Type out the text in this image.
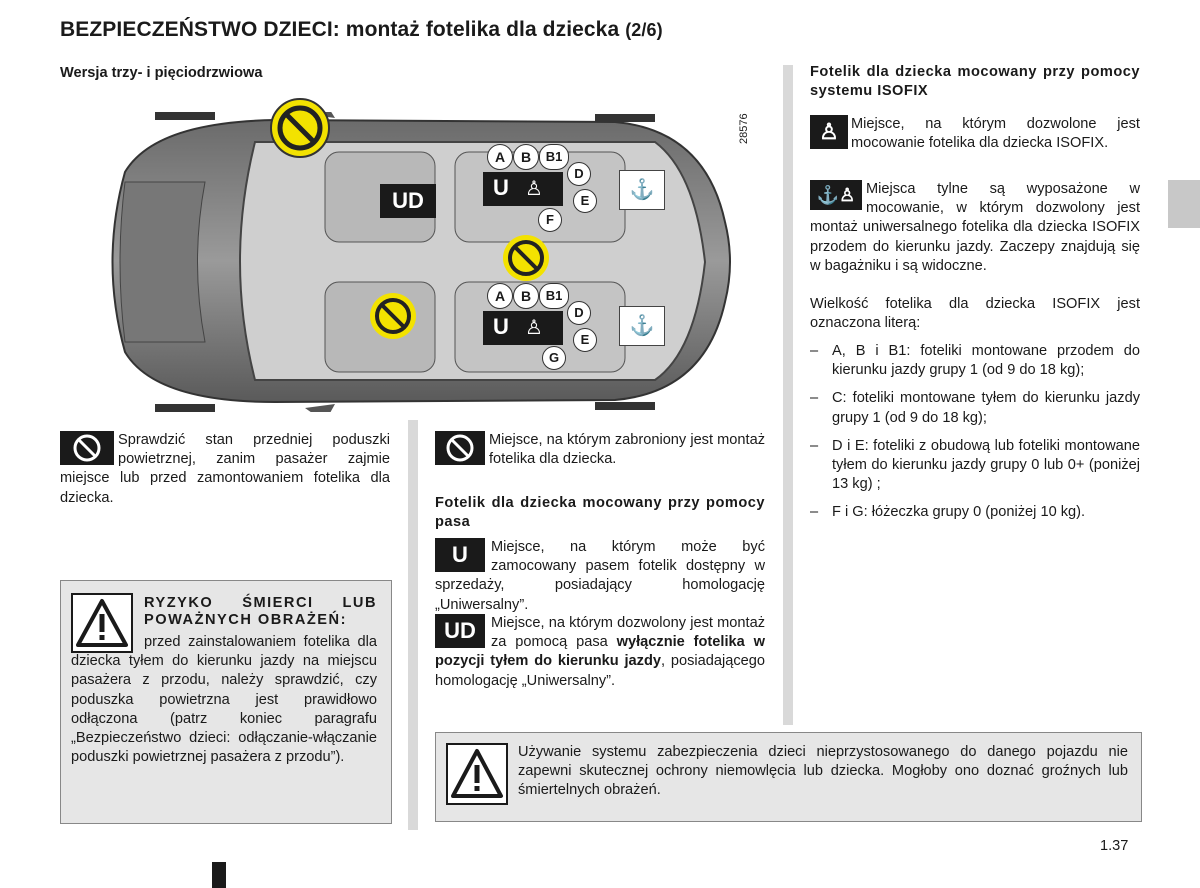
BEZPIECZEŃSTWO DZIECI: montaż fotelika dla dziecka (2/6)
Wersja trzy- i pięciodrzwiowa
28576
UD
A	B	B1
U ♙
D
E
F
A	B	B1
U ♙
D
E
G
⚓
⚓
Sprawdzić stan przedniej poduszki powietrznej, zanim pasażer zajmie miejsce lub przed zamontowaniem fotelika dla dziecka.
RYZYKO ŚMIERCI LUB POWAŻNYCH OBRAŻEŃ:
przed zainstalowaniem fotelika dla dziecka tyłem do kierunku jazdy na miejscu pasażera z przodu, należy sprawdzić, czy poduszka powietrzna jest prawidłowo odłączona (patrz koniec paragrafu „Bezpieczeństwo dzieci: odłączanie-włączanie poduszki powietrznej pasażera z przodu”).
Miejsce, na którym zabroniony jest montaż fotelika dla dziecka.
Fotelik dla dziecka mocowany przy pomocy pasa
U	Miejsce, na którym może być zamocowany pasem fotelik dostępny w sprzedaży, posiadający homologację „Uniwersalny”.
UD	Miejsce, na którym dozwolony jest montaż za pomocą pasa wyłącznie fotelika w pozycji tyłem do kierunku jazdy, posiadającego homologację „Uniwersalny”.
Fotelik dla dziecka mocowany przy pomocy systemu ISOFIX
♙ Miejsce, na którym dozwolone jest mocowanie fotelika dla dziecka ISOFIX.
⚓♙ Miejsca tylne są wyposażone w mocowanie, w którym dozwolony jest montaż uniwersalnego fotelika dla dziecka ISOFIX przodem do kierunku jazdy. Zaczepy znajdują się w bagażniku i są widoczne.
Wielkość fotelika dla dziecka ISOFIX jest oznaczona literą:
– A, B i B1: foteliki montowane przodem do kierunku jazdy grupy 1 (od 9 do 18 kg);
– C: foteliki montowane tyłem do kierunku jazdy grupy 1 (od 9 do 18 kg);
– D i E: foteliki z obudową lub foteliki montowane tyłem do kierunku jazdy grupy 0 lub 0+ (poniżej 13 kg) ;
– F i G: łóżeczka grupy 0 (poniżej 10 kg).
Używanie systemu zabezpieczenia dzieci nieprzystosowanego do danego pojazdu nie zapewni skutecznej ochrony niemowlęcia lub dziecka. Mogłoby ono doznać groźnych lub śmiertelnych obrażeń.
1.37
